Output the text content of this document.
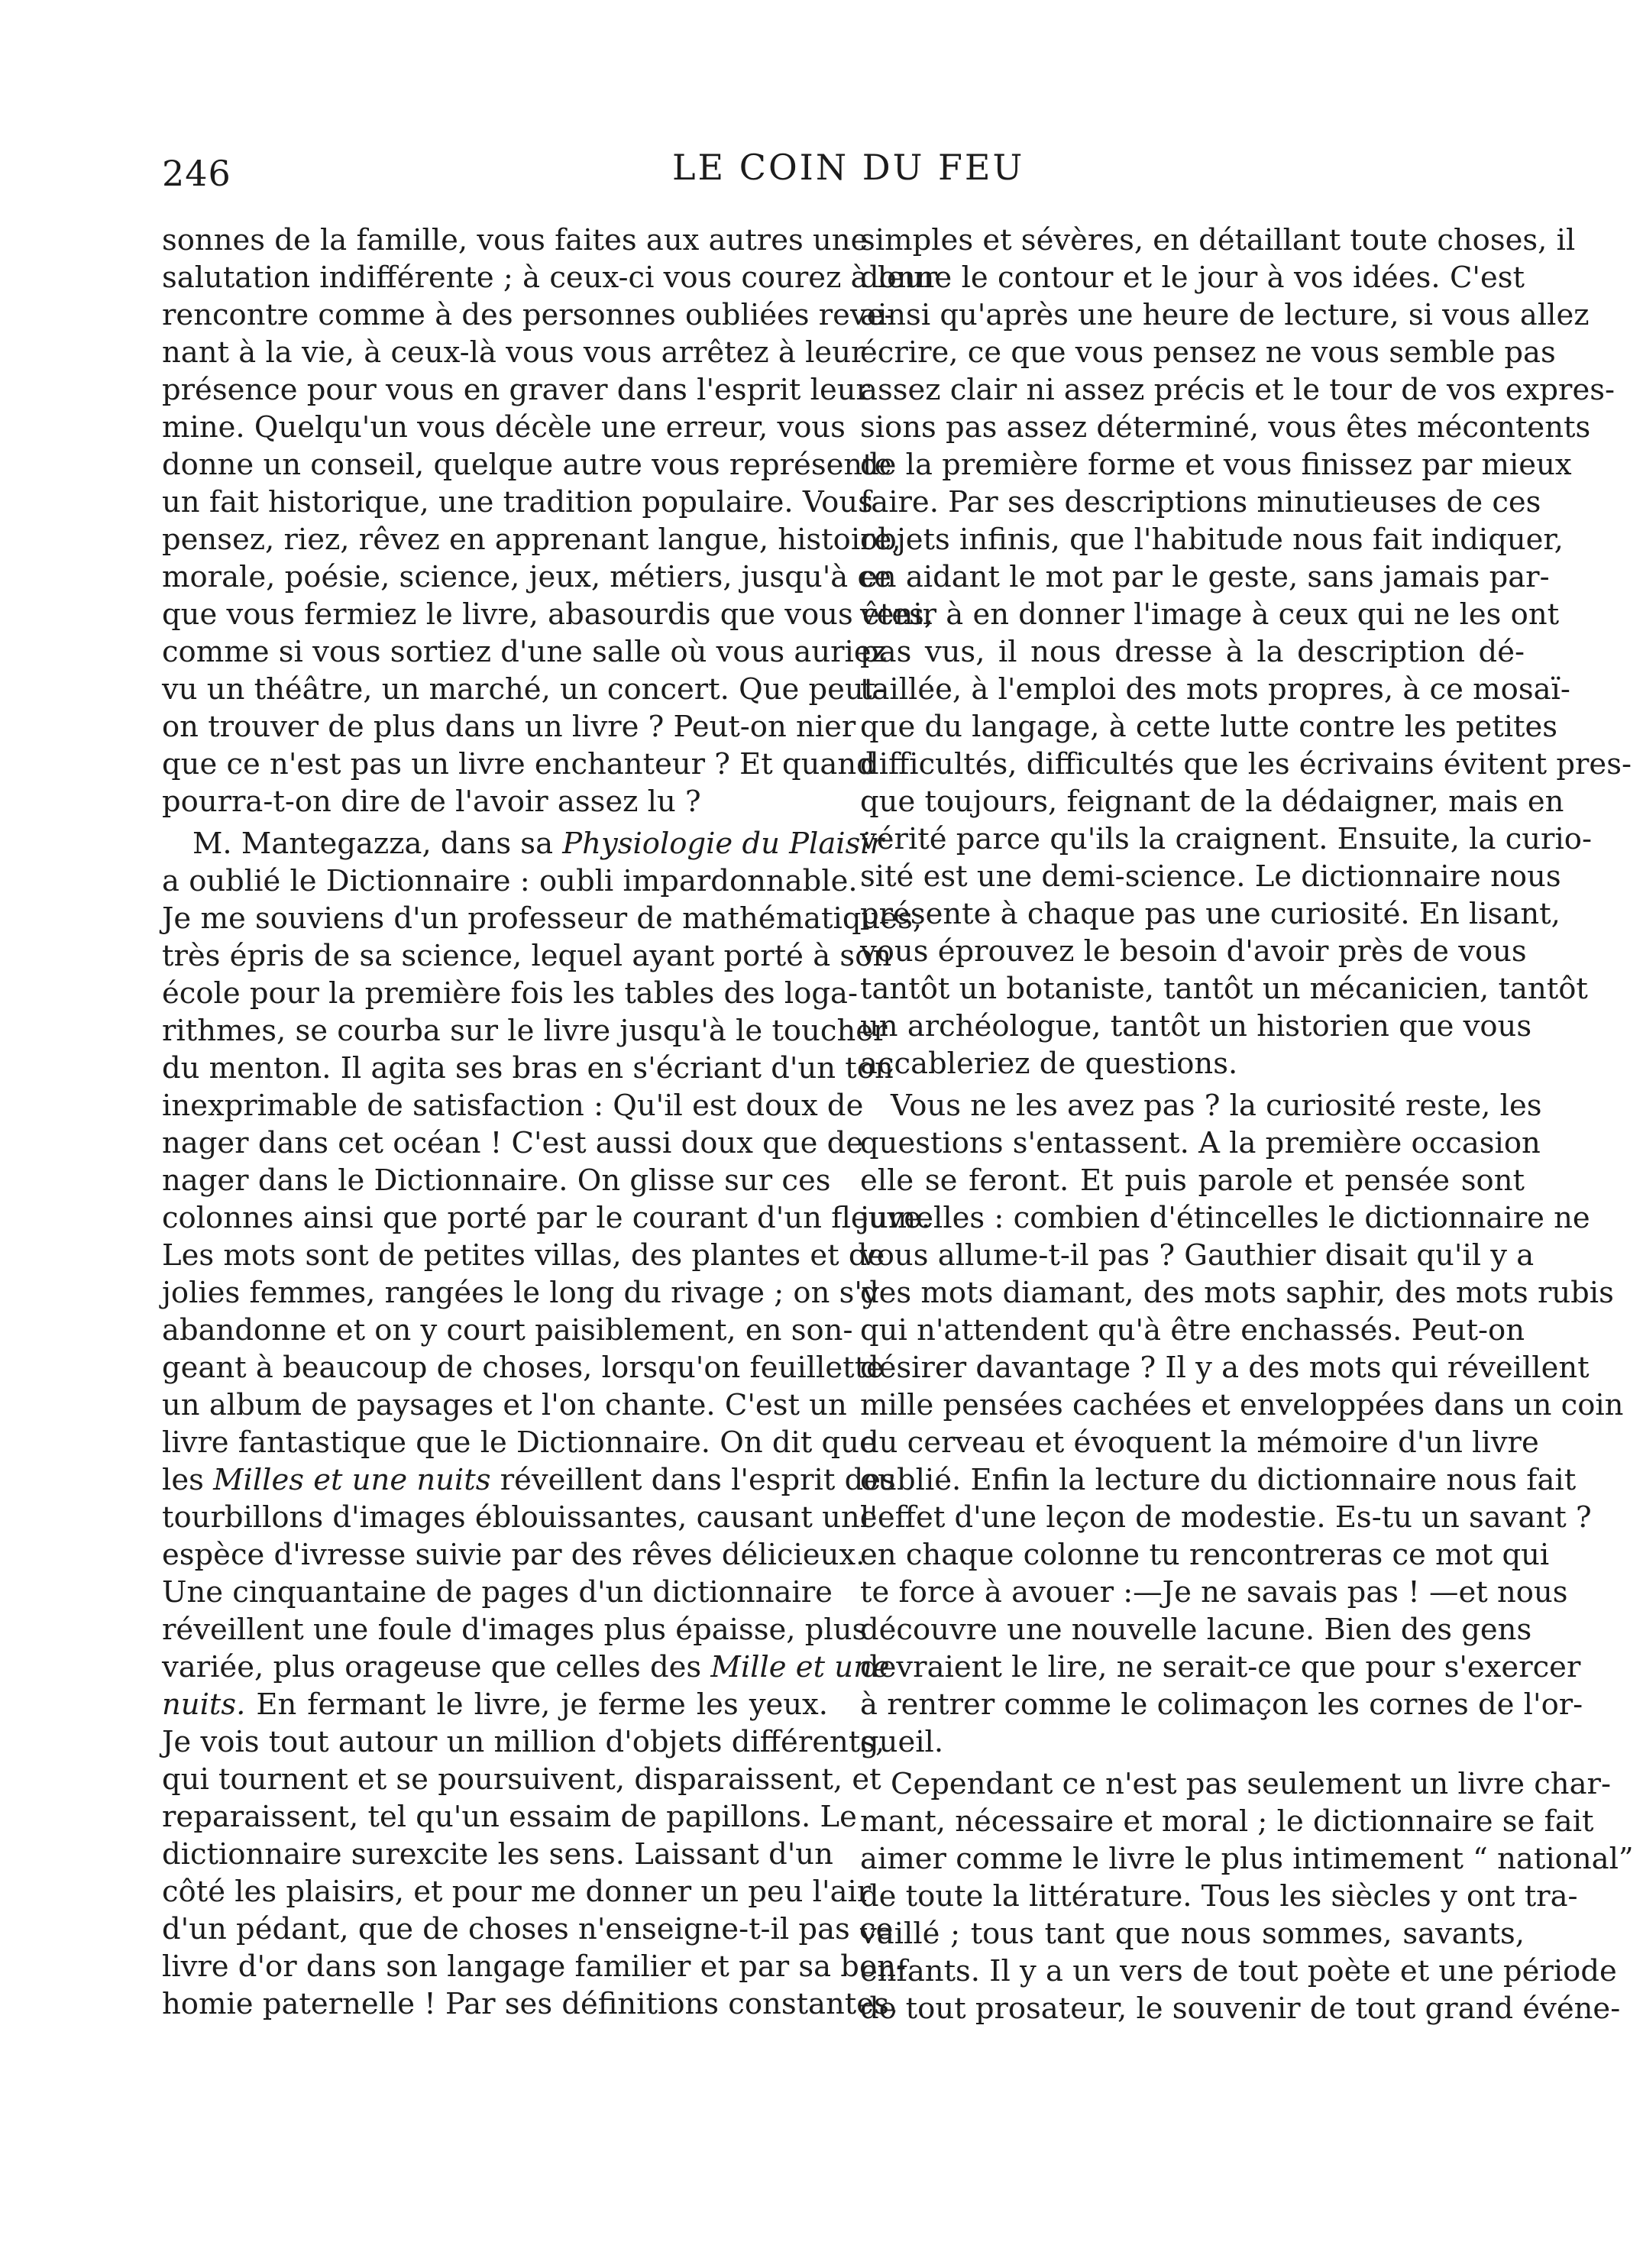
246	LE COIN DU FEU
sonnes de la famille, vous faites aux autres une
salutation indifférente ; à ceux-ci vous courez à leur
rencontre comme à des personnes oubliées reve-
nant à la vie, à ceux-là vous vous arrêtez à leur
présence pour vous en graver dans l'esprit leur
mine. Quelqu'un vous décèle une erreur, vous
donne un conseil, quelque autre vous représente
un fait historique, une tradition populaire. Vous
pensez, riez, rêvez en apprenant langue, histoire,
morale, poésie, science, jeux, métiers, jusqu'à ce
que vous fermiez le livre, abasourdis que vous êtes,
comme si vous sortiez d'une salle où vous auriez
vu un théâtre, un marché, un concert. Que peut-
on trouver de plus dans un livre ? Peut-on nier
que ce n'est pas un livre enchanteur ? Et quand
pourra-t-on dire de l'avoir assez lu ?
M. Mantegazza, dans sa Physiologie du Plaisir
a oublié le Dictionnaire : oubli impardonnable.
Je me souviens d'un professeur de mathématiques,
très épris de sa science, lequel ayant porté à son
école pour la première fois les tables des loga-
rithmes, se courba sur le livre jusqu'à le toucher
du menton. Il agita ses bras en s'écriant d'un ton
inexprimable de satisfaction : Qu'il est doux de
nager dans cet océan ! C'est aussi doux que de
nager dans le Dictionnaire. On glisse sur ces
colonnes ainsi que porté par le courant d'un fleuve.
Les mots sont de petites villas, des plantes et de
jolies femmes, rangées le long du rivage ; on s'y
abandonne et on y court paisiblement, en son-
geant à beaucoup de choses, lorsqu'on feuillette
un album de paysages et l'on chante. C'est un
livre fantastique que le Dictionnaire. On dit que
les Milles et une nuits réveillent dans l'esprit des
tourbillons d'images éblouissantes, causant une
espèce d'ivresse suivie par des rêves délicieux.
Une cinquantaine de pages d'un dictionnaire
réveillent une foule d'images plus épaisse, plus
variée, plus orageuse que celles des Mille et une
nuits. En fermant le livre, je ferme les yeux.
Je vois tout autour un million d'objets différents,
qui tournent et se poursuivent, disparaissent, et
reparaissent, tel qu'un essaim de papillons. Le
dictionnaire surexcite les sens. Laissant d'un
côté les plaisirs, et pour me donner un peu l'air
d'un pédant, que de choses n'enseigne-t-il pas ce
livre d'or dans son langage familier et par sa bon-
homie paternelle ! Par ses définitions constantes,
simples et sévères, en détaillant toute choses, il
donne le contour et le jour à vos idées. C'est
ainsi qu'après une heure de lecture, si vous allez
écrire, ce que vous pensez ne vous semble pas
assez clair ni assez précis et le tour de vos expres-
sions pas assez déterminé, vous êtes mécontents
de la première forme et vous finissez par mieux
faire. Par ses descriptions minutieuses de ces
objets infinis, que l'habitude nous fait indiquer,
en aidant le mot par le geste, sans jamais par-
venir à en donner l'image à ceux qui ne les ont
pas vus, il nous dresse à la description dé-
taillée, à l'emploi des mots propres, à ce mosaï-
que du langage, à cette lutte contre les petites
difficultés, difficultés que les écrivains évitent pres-
que toujours, feignant de la dédaigner, mais en
vérité parce qu'ils la craignent. Ensuite, la curio-
sité est une demi-science. Le dictionnaire nous
présente à chaque pas une curiosité. En lisant,
vous éprouvez le besoin d'avoir près de vous
tantôt un botaniste, tantôt un mécanicien, tantôt
un archéologue, tantôt un historien que vous
accableriez de questions.
Vous ne les avez pas ? la curiosité reste, les
questions s'entassent. A la première occasion
elle se feront. Et puis parole et pensée sont
jumelles : combien d'étincelles le dictionnaire ne
vous allume-t-il pas ? Gauthier disait qu'il y a
des mots diamant, des mots saphir, des mots rubis
qui n'attendent qu'à être enchassés. Peut-on
désirer davantage ? Il y a des mots qui réveillent
mille pensées cachées et enveloppées dans un coin
du cerveau et évoquent la mémoire d'un livre
oublié. Enfin la lecture du dictionnaire nous fait
l'effet d'une leçon de modestie. Es-tu un savant ?
en chaque colonne tu rencontreras ce mot qui
te force à avouer :—Je ne savais pas ! —et nous
découvre une nouvelle lacune. Bien des gens
devraient le lire, ne serait-ce que pour s'exercer
à rentrer comme le colimaçon les cornes de l'or-
gueil.
Cependant ce n'est pas seulement un livre char-
mant, nécessaire et moral ; le dictionnaire se fait
aimer comme le livre le plus intimement “ national”
de toute la littérature. Tous les siècles y ont tra-
vaillé ; tous tant que nous sommes, savants,
enfants. Il y a un vers de tout poète et une période
de tout prosateur, le souvenir de tout grand événe-
